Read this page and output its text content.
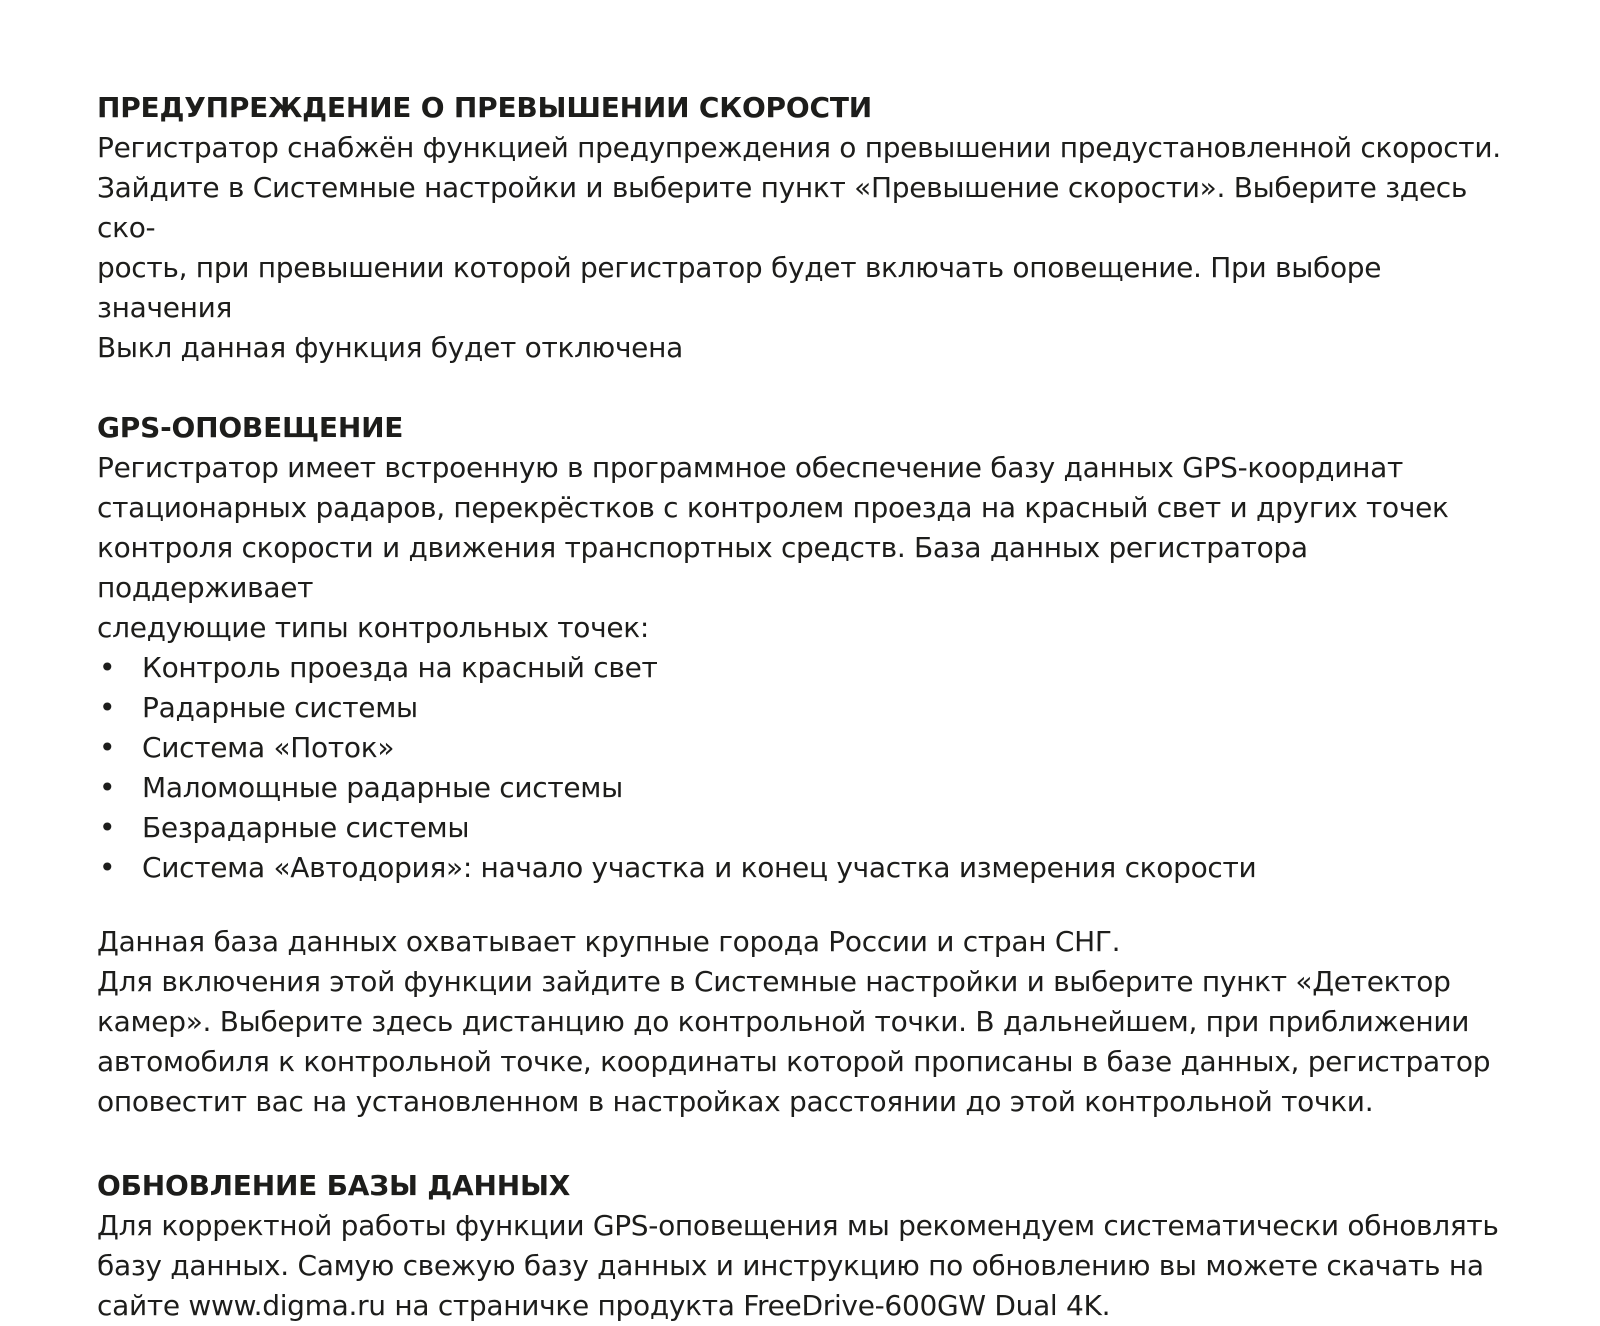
ПРЕДУПРЕЖДЕНИЕ О ПРЕВЫШЕНИИ СКОРОСТИ

Регистратор снабжён функцией предупреждения о превышении предустановленной скорости.

Зайдите в Системные настройки и выберите пункт «Превышение скорости». Выберите здесь ско-

рость, при превышении которой регистратор будет включать оповещение. При выборе значения

Выкл данная функция будет отключена

GPS-ОПОВЕЩЕНИЕ

Регистратор имеет встроенную в программное обеспечение базу данных GPS-координат

стационарных радаров, перекрёстков с контролем проезда на красный свет и других точек

контроля скорости и движения транспортных средств. База данных регистратора поддерживает

следующие типы контрольных точек:

• Контроль проезда на красный свет
• Радарные системы
• Система «Поток»
• Маломощные радарные системы
• Безрадарные системы
• Система «Автодория»: начало участка и конец участка измерения скорости

Данная база данных охватывает крупные города России и стран СНГ.

Для включения этой функции зайдите в Системные настройки и выберите пункт «Детектор

камер». Выберите здесь дистанцию до контрольной точки. В дальнейшем, при приближении

автомобиля к контрольной точке, координаты которой прописаны в базе данных, регистратор

оповестит вас на установленном в настройках расстоянии до этой контрольной точки.

ОБНОВЛЕНИЕ БАЗЫ ДАННЫХ

Для корректной работы функции GPS-оповещения мы рекомендуем систематически обновлять

базу данных. Самую свежую базу данных и инструкцию по обновлению вы можете скачать на

сайте www.digma.ru на страничке продукта FreeDrive-600GW Dual 4K.
